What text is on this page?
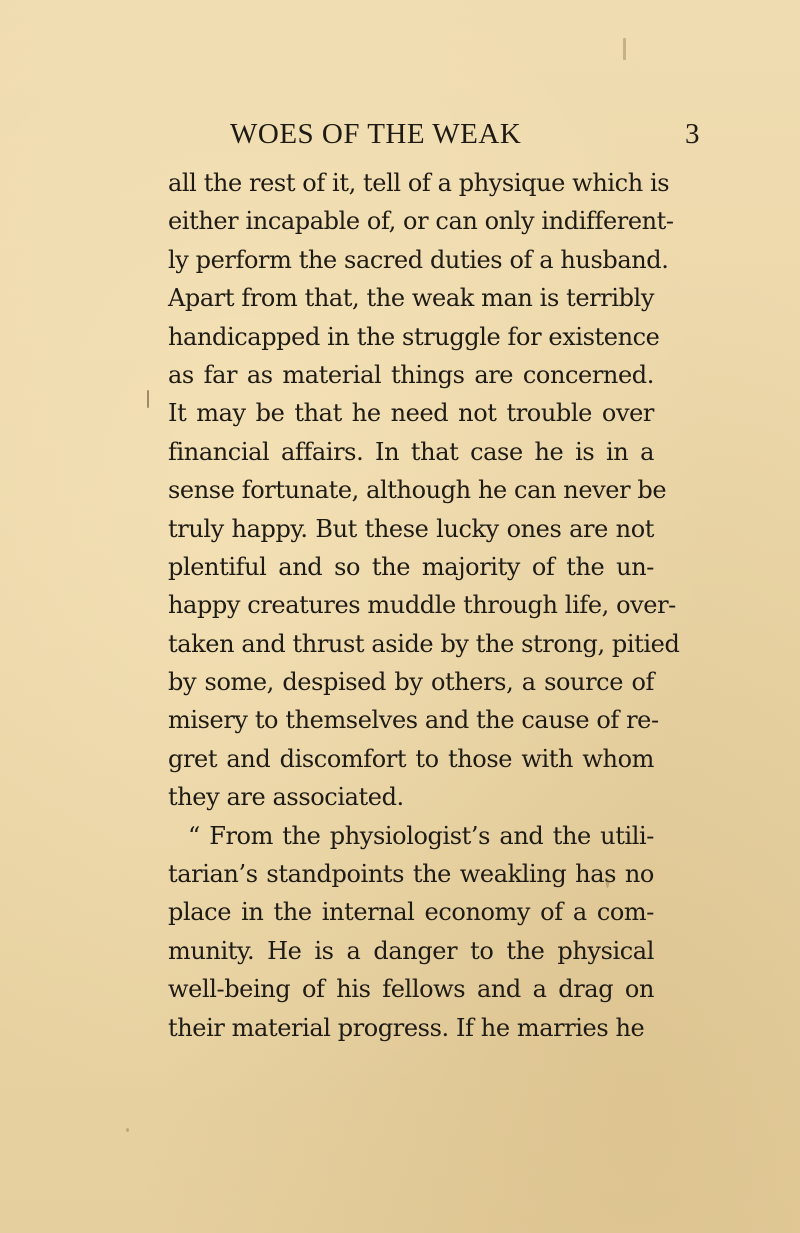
WOES OF THE WEAK	3
all the rest of it, tell of a physique which is
either incapable of, or can only indifferent-
ly perform the sacred duties of a husband.
Apart from that, the weak man is terribly
handicapped in the struggle for existence
as far as material things are concerned.
It may be that he need not trouble over
financial affairs. In that case he is in a
sense fortunate, although he can never be
truly happy. But these lucky ones are not
plentiful and so the majority of the un-
happy creatures muddle through life, over-
taken and thrust aside by the strong, pitied
by some, despised by others, a source of
misery to themselves and the cause of re-
gret and discomfort to those with whom
they are associated.
“ From the physiologist’s and the utili-
tarian’s standpoints the weakling has no
place in the internal economy of a com-
munity. He is a danger to the physical
well-being of his fellows and a drag on
their material progress. If he marries he
